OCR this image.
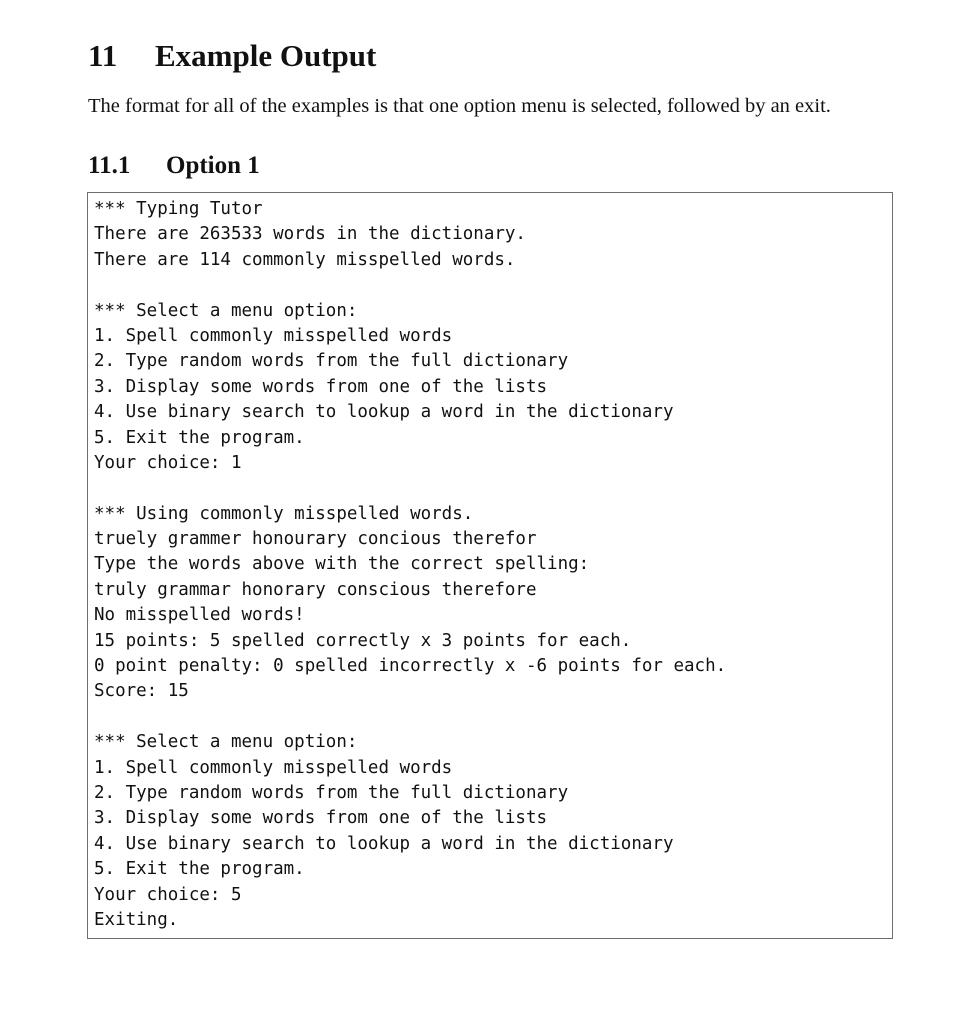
11 Example Output

The format for all of the examples is that one option menu is selected, followed by an exit.

11.1 Option 1
*** Typing Tutor
There are 263533 words in the dictionary.
There are 114 commonly misspelled words.
*** Select a menu option:
1. Spell commonly misspelled words
2. Type random words from the full dictionary
3. Display some words from one of the lists
4. Use binary search to lookup a word in the dictionary
5. Exit the program.
Your choice: 1
*** Using commonly misspelled words.
truely grammer honourary concious therefor
Type the words above with the correct spelling:
truly grammar honorary conscious therefore
No misspelled words!
15 points: 5 spelled correctly x 3 points for each.
0 point penalty: 0 spelled incorrectly x -6 points for each.
Score: 15
*** Select a menu option:
1. Spell commonly misspelled words
2. Type random words from the full dictionary
3. Display some words from one of the lists
4. Use binary search to lookup a word in the dictionary
5. Exit the program.
Your choice: 5
Exiting.
